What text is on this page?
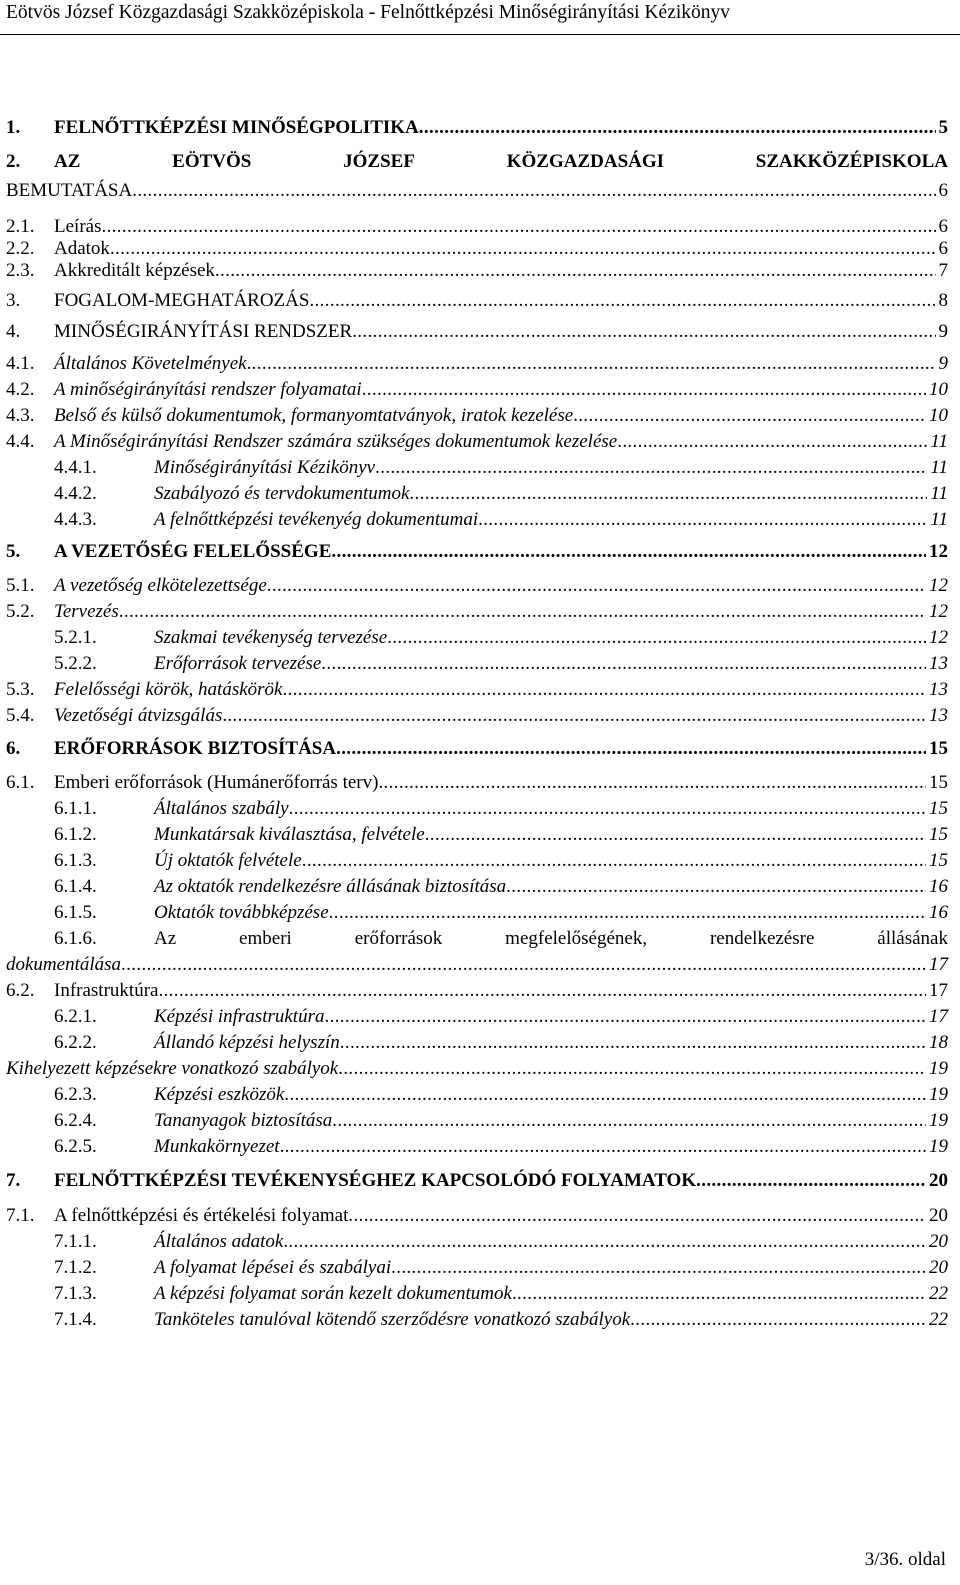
Eötvös József Közgazdasági Szakközépiskola - Felnőttképzési Minőségirányítási Kézikönyv
1.	FELNŐTTKÉPZÉSI MINŐSÉGPOLITIKA . . .	5
2.	AZ	EÖTVÖS	JÓZSEF	KÖZGAZDASÁGI	SZAKKÖZÉPISKOLA
BEMUTATÁSA . . .	6
2.1.	Leírás . . .	6
2.2.	Adatok . . .	6
2.3.	Akkreditált képzések . . .	7
3.	FOGALOM-MEGHATÁROZÁS . . .	8
4.	MINŐSÉGIRÁNYÍTÁSI RENDSZER . . .	9
4.1.	Általános Követelmények . . .	9
4.2.	A minőségirányítási rendszer folyamatai . . .	10
4.3.	Belső és külső dokumentumok, formanyomtatványok, iratok kezelése . . .	10
4.4.	A Minőségirányítási Rendszer számára szükséges dokumentumok kezelése . . .	11
4.4.1.	Minőségirányítási Kézikönyv . . .	11
4.4.2.	Szabályozó és tervdokumentumok . . .	11
4.4.3.	A felnőttképzési tevékenyég dokumentumai . . .	11
5.	A VEZETŐSÉG FELELŐSSÉGE . . .	12
5.1.	A vezetőség elkötelezettsége . . .	12
5.2.	Tervezés . . .	12
5.2.1.	Szakmai tevékenység tervezése . . .	12
5.2.2.	Erőforrások tervezése . . .	13
5.3.	Felelősségi körök, hatáskörök . . .	13
5.4.	Vezetőségi átvizsgálás . . .	13
6.	ERŐFORRÁSOK BIZTOSÍTÁSA . . .	15
6.1.	Emberi erőforrások (Humánerőforrás terv) . . .	15
6.1.1.	Általános szabály . . .	15
6.1.2.	Munkatársak kiválasztása, felvétele . . .	15
6.1.3.	Új oktatók felvétele . . .	15
6.1.4.	Az oktatók rendelkezésre állásának biztosítása . . .	16
6.1.5.	Oktatók továbbképzése . . .	16
6.1.6.	Az	emberi	erőforrások	megfelelőségének,	rendelkezésre	állásának
dokumentálása . . .	17
6.2.	Infrastruktúra . . .	17
6.2.1.	Képzési infrastruktúra . . .	17
6.2.2.	Állandó képzési helyszín . . .	18
Kihelyezett képzésekre vonatkozó szabályok . . .	19
6.2.3.	Képzési eszközök . . .	19
6.2.4.	Tananyagok biztosítása . . .	19
6.2.5.	Munkakörnyezet . . .	19
7.	FELNŐTTKÉPZÉSI TEVÉKENYSÉGHEZ KAPCSOLÓDÓ FOLYAMATOK . . .	20
7.1.	A felnőttképzési és értékelési folyamat . . .	20
7.1.1.	Általános adatok . . .	20
7.1.2.	A folyamat lépései és szabályai . . .	20
7.1.3.	A képzési folyamat során kezelt dokumentumok . . .	22
7.1.4.	Tanköteles tanulóval kötendő szerződésre vonatkozó szabályok . . .	22
3/36. oldal
